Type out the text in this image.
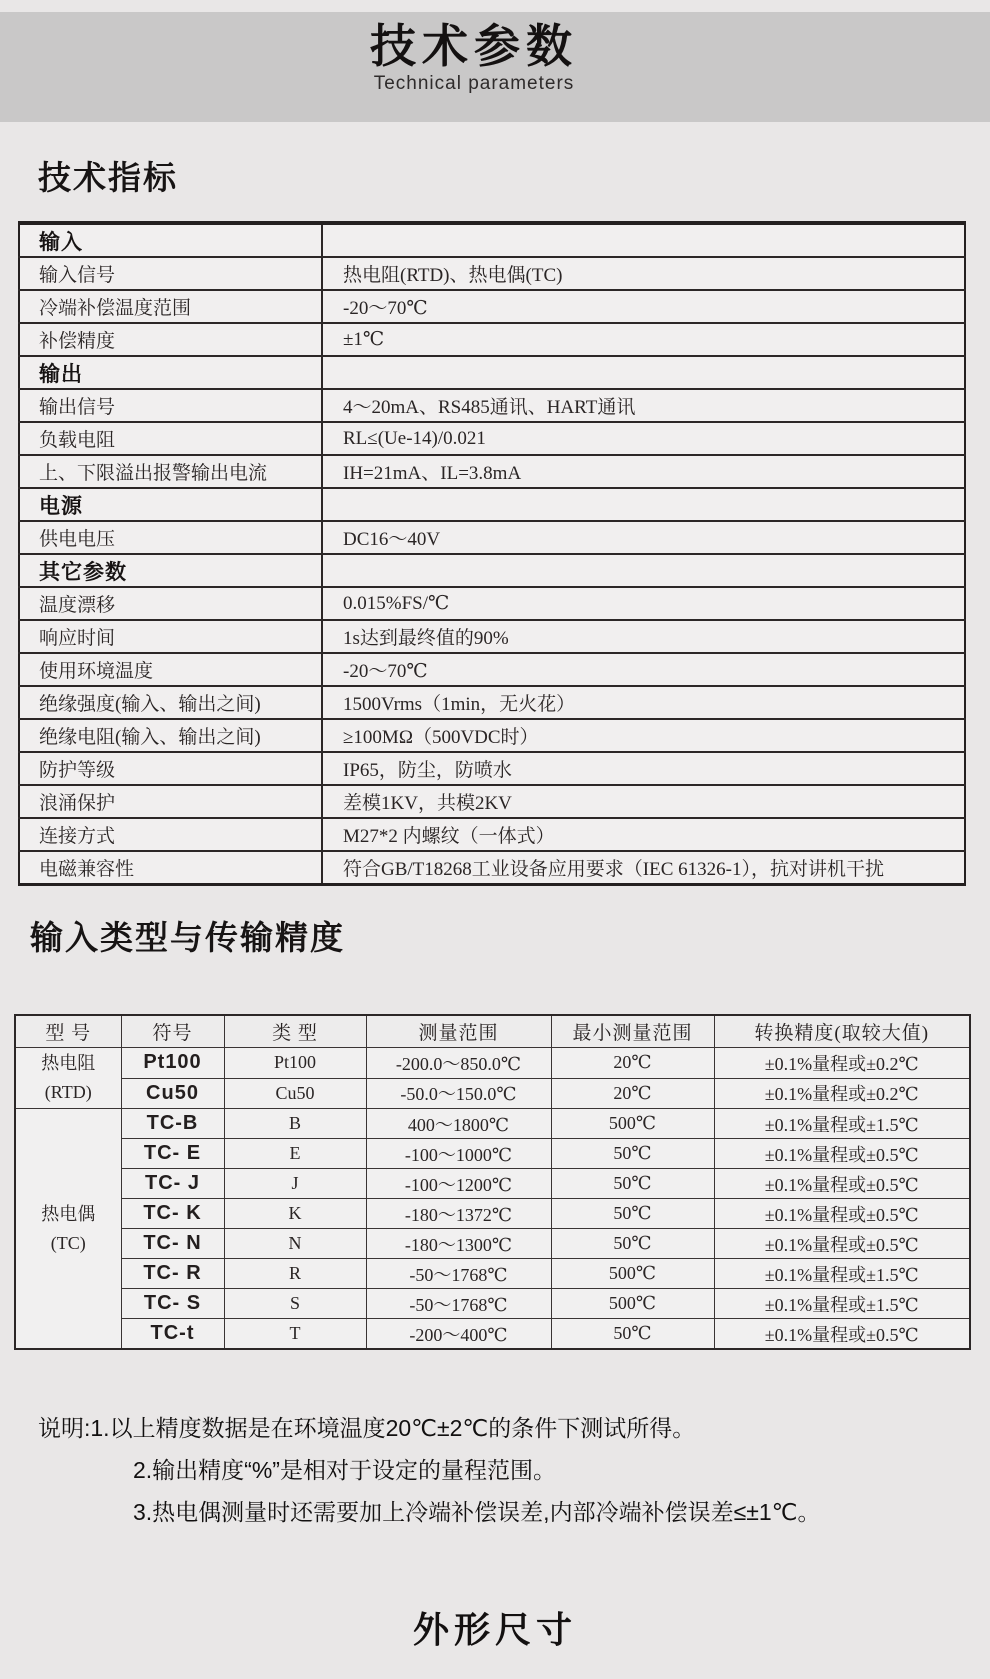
技术参数
Technical parameters
技术指标
输入	
输入信号	热电阻(RTD)、热电偶(TC)
冷端补偿温度范围	-20～70℃
补偿精度	±1℃
输出	
输出信号	4～20mA、RS485通讯、HART通讯
负载电阻	RL≤(Ue-14)/0.021
上、下限溢出报警输出电流	IH=21mA、IL=3.8mA
电源	
供电电压	DC16～40V
其它参数	
温度漂移	0.015%FS/℃
响应时间	1s达到最终值的90%
使用环境温度	-20～70℃
绝缘强度(输入、输出之间)	1500Vrms（1min，无火花）
绝缘电阻(输入、输出之间)	≥100MΩ（500VDC时）
防护等级	IP65，防尘，防喷水
浪涌保护	差模1KV，共模2KV
连接方式	M27*2 内螺纹（一体式）
电磁兼容性	符合GB/T18268工业设备应用要求（IEC 61326-1），抗对讲机干扰
输入类型与传输精度
型 号	符号	类 型	测量范围	最小测量范围	转换精度(取较大值)

热电阻
(RTD)	Pt100	Pt100	-200.0～850.0℃	20℃	±0.1%量程或±0.2℃
	Cu50	Cu50	-50.0～150.0℃	20℃	±0.1%量程或±0.2℃

热电偶
(TC)	TC-B	B	400～1800℃	500℃	±0.1%量程或±1.5℃
	TC- E	E	-100～1000℃	50℃	±0.1%量程或±0.5℃
	TC- J	J	-100～1200℃	50℃	±0.1%量程或±0.5℃
	TC- K	K	-180～1372℃	50℃	±0.1%量程或±0.5℃
	TC- N	N	-180～1300℃	50℃	±0.1%量程或±0.5℃
	TC- R	R	-50～1768℃	500℃	±0.1%量程或±1.5℃
	TC- S	S	-50～1768℃	500℃	±0.1%量程或±1.5℃
	TC-t	T	-200～400℃	50℃	±0.1%量程或±0.5℃
说明:1.以上精度数据是在环境温度20℃±2℃的条件下测试所得。
2.输出精度“%”是相对于设定的量程范围。
3.热电偶测量时还需要加上冷端补偿误差,内部冷端补偿误差≤±1℃。
外形尺寸
